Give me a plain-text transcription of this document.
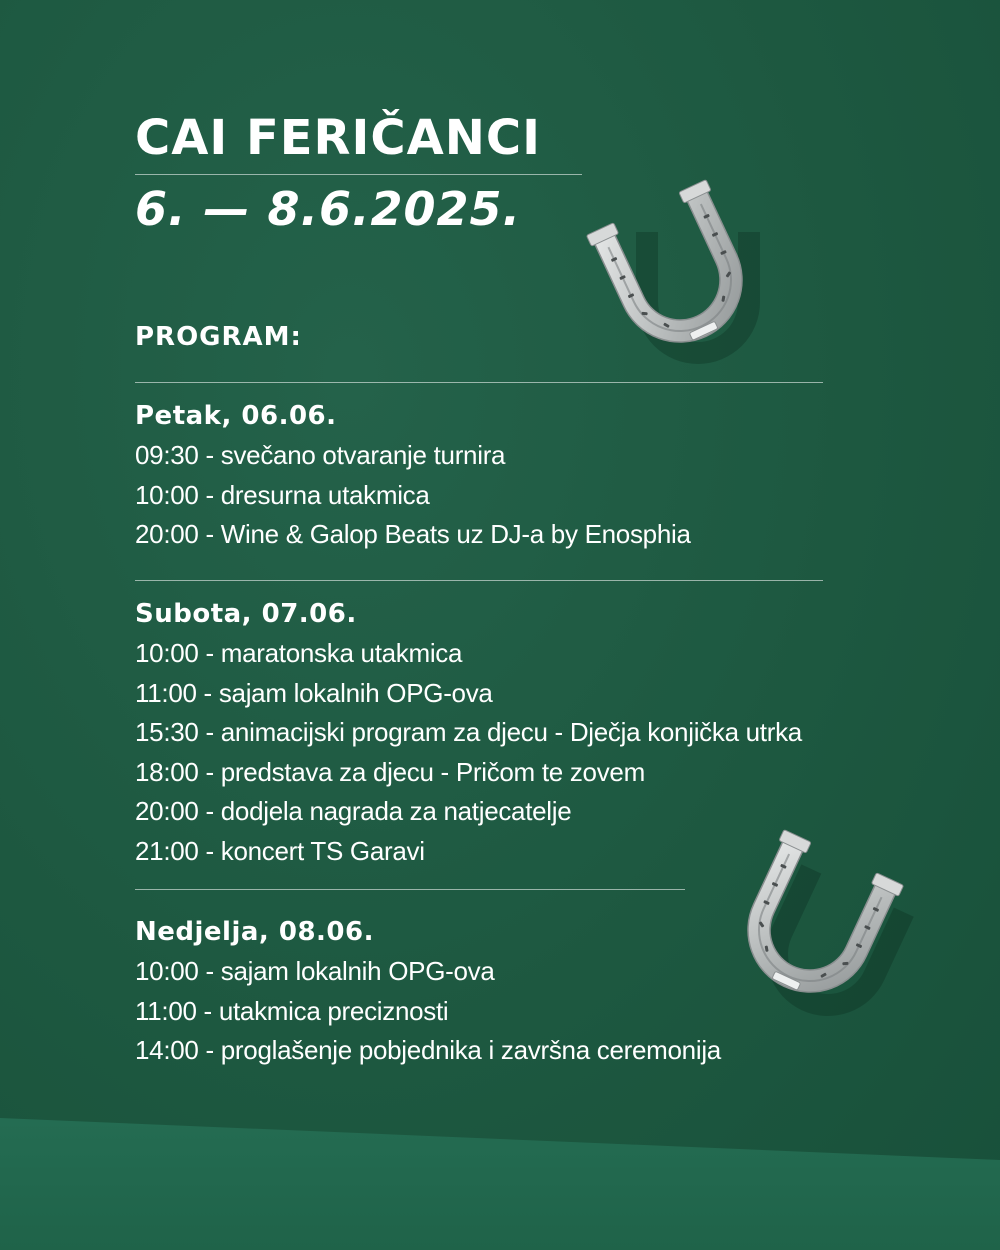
CAI FERIČANCI
6. — 8.6.2025.
PROGRAM:
Petak, 06.06.
09:30 - svečano otvaranje turnira
10:00 - dresurna utakmica
20:00 - Wine & Galop Beats uz DJ-a by Enosphia
Subota, 07.06.
10:00 - maratonska utakmica
11:00 - sajam lokalnih OPG-ova
15:30 - animacijski program za djecu - Dječja konjička utrka
18:00 - predstava za djecu - Pričom te zovem
20:00 - dodjela nagrada za natjecatelje
21:00 - koncert TS Garavi
Nedjelja, 08.06.
10:00 - sajam lokalnih OPG-ova
11:00 - utakmica preciznosti
14:00 - proglašenje pobjednika i završna ceremonija
